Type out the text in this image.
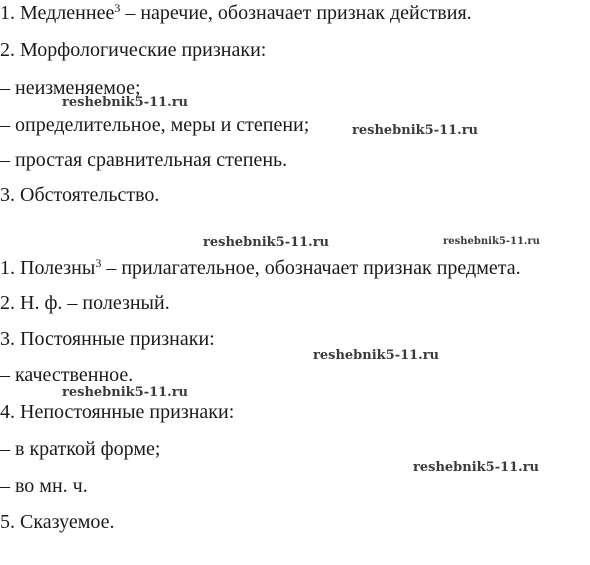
1. Медленнее$^3$ – наречие, обозначает признак действия.
2. Морфологические признаки:
– неизменяемое;
– определительное, меры и степени;
– простая сравнительная степень.
3. Обстоятельство.
1. Полезны$^3$ – прилагательное, обозначает признак предмета.
2. Н. ф. – полезный.
3. Постоянные признаки:
– качественное.
4. Непостоянные признаки:
– в краткой форме;
– во мн. ч.
5. Сказуемое.
reshebnik5-11.ru
reshebnik5-11.ru
reshebnik5-11.ru	reshebnik5-11.ru
reshebnik5-11.ru
reshebnik5-11.ru
reshebnik5-11.ru
